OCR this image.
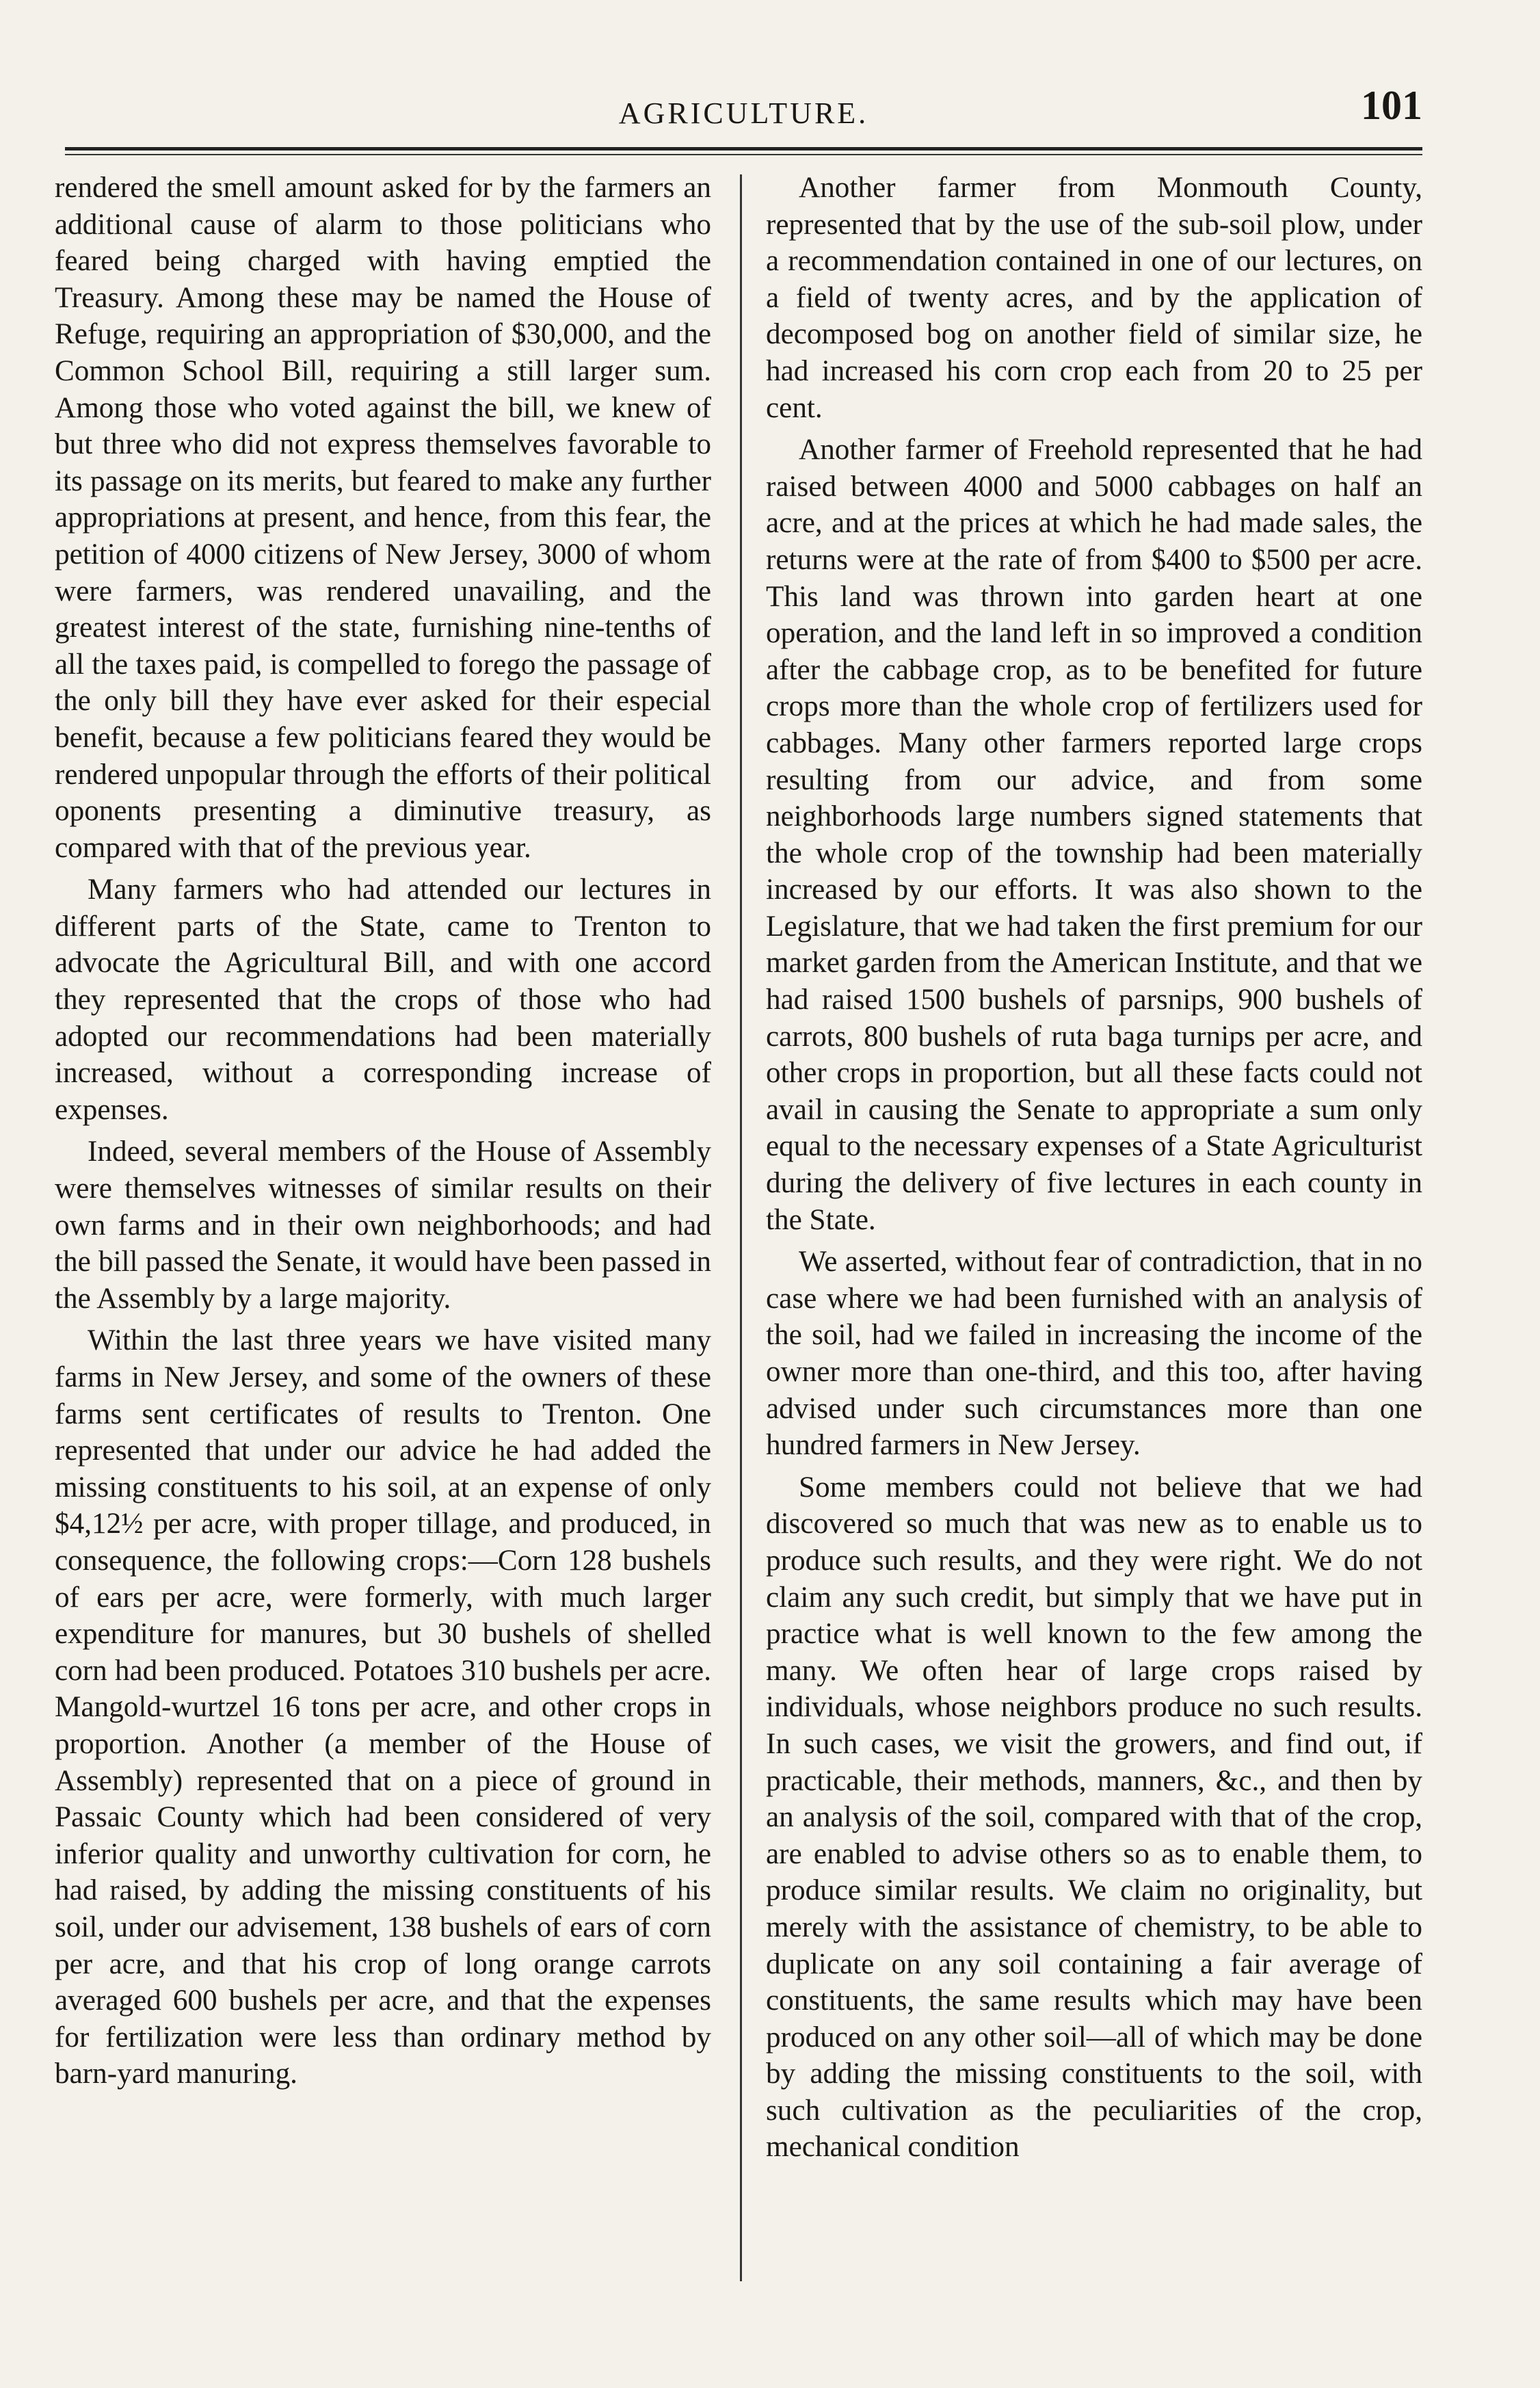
AGRICULTURE.	101

rendered the smell amount asked for by the farmers an additional cause of alarm to those politicians who feared being charged with having emptied the Treasury. Among these may be named the House of Refuge, requiring an appropriation of $30,000, and the Common School Bill, requiring a still larger sum. Among those who voted against the bill, we knew of but three who did not express themselves favorable to its passage on its merits, but feared to make any further appropriations at present, and hence, from this fear, the petition of 4000 citizens of New Jersey, 3000 of whom were farmers, was rendered unavailing, and the greatest interest of the state, furnishing nine-tenths of all the taxes paid, is compelled to forego the passage of the only bill they have ever asked for their especial benefit, because a few politicians feared they would be rendered unpopular through the efforts of their political oponents presenting a diminutive treasury, as compared with that of the previous year.

Many farmers who had attended our lectures in different parts of the State, came to Trenton to advocate the Agricultural Bill, and with one accord they represented that the crops of those who had adopted our recommendations had been materially increased, without a corresponding increase of expenses.

Indeed, several members of the House of Assembly were themselves witnesses of similar results on their own farms and in their own neighborhoods; and had the bill passed the Senate, it would have been passed in the Assembly by a large majority.

Within the last three years we have visited many farms in New Jersey, and some of the owners of these farms sent certificates of results to Trenton. One represented that under our advice he had added the missing constituents to his soil, at an expense of only $4,12½ per acre, with proper tillage, and produced, in consequence, the following crops:—Corn 128 bushels of ears per acre, were formerly, with much larger expenditure for manures, but 30 bushels of shelled corn had been produced. Potatoes 310 bushels per acre. Mangold-wurtzel 16 tons per acre, and other crops in proportion. Another (a member of the House of Assembly) represented that on a piece of ground in Passaic County which had been considered of very inferior quality and unworthy cultivation for corn, he had raised, by adding the missing constituents of his soil, under our advisement, 138 bushels of ears of corn per acre, and that his crop of long orange carrots averaged 600 bushels per acre, and that the expenses for fertilization were less than ordinary method by barn-yard manuring.

Another farmer from Monmouth County, represented that by the use of the sub-soil plow, under a recommendation contained in one of our lectures, on a field of twenty acres, and by the application of decomposed bog on another field of similar size, he had increased his corn crop each from 20 to 25 per cent.

Another farmer of Freehold represented that he had raised between 4000 and 5000 cabbages on half an acre, and at the prices at which he had made sales, the returns were at the rate of from $400 to $500 per acre. This land was thrown into garden heart at one operation, and the land left in so improved a condition after the cabbage crop, as to be benefited for future crops more than the whole crop of fertilizers used for cabbages. Many other farmers reported large crops resulting from our advice, and from some neighborhoods large numbers signed statements that the whole crop of the township had been materially increased by our efforts. It was also shown to the Legislature, that we had taken the first premium for our market garden from the American Institute, and that we had raised 1500 bushels of parsnips, 900 bushels of carrots, 800 bushels of ruta baga turnips per acre, and other crops in proportion, but all these facts could not avail in causing the Senate to appropriate a sum only equal to the necessary expenses of a State Agriculturist during the delivery of five lectures in each county in the State.

We asserted, without fear of contradiction, that in no case where we had been furnished with an analysis of the soil, had we failed in increasing the income of the owner more than one-third, and this too, after having advised under such circumstances more than one hundred farmers in New Jersey.

Some members could not believe that we had discovered so much that was new as to enable us to produce such results, and they were right. We do not claim any such credit, but simply that we have put in practice what is well known to the few among the many. We often hear of large crops raised by individuals, whose neighbors produce no such results. In such cases, we visit the growers, and find out, if practicable, their methods, manners, &c., and then by an analysis of the soil, compared with that of the crop, are enabled to advise others so as to enable them, to produce similar results. We claim no originality, but merely with the assistance of chemistry, to be able to duplicate on any soil containing a fair average of constituents, the same results which may have been produced on any other soil—all of which may be done by adding the missing constituents to the soil, with such cultivation as the peculiarities of the crop, mechanical condition
